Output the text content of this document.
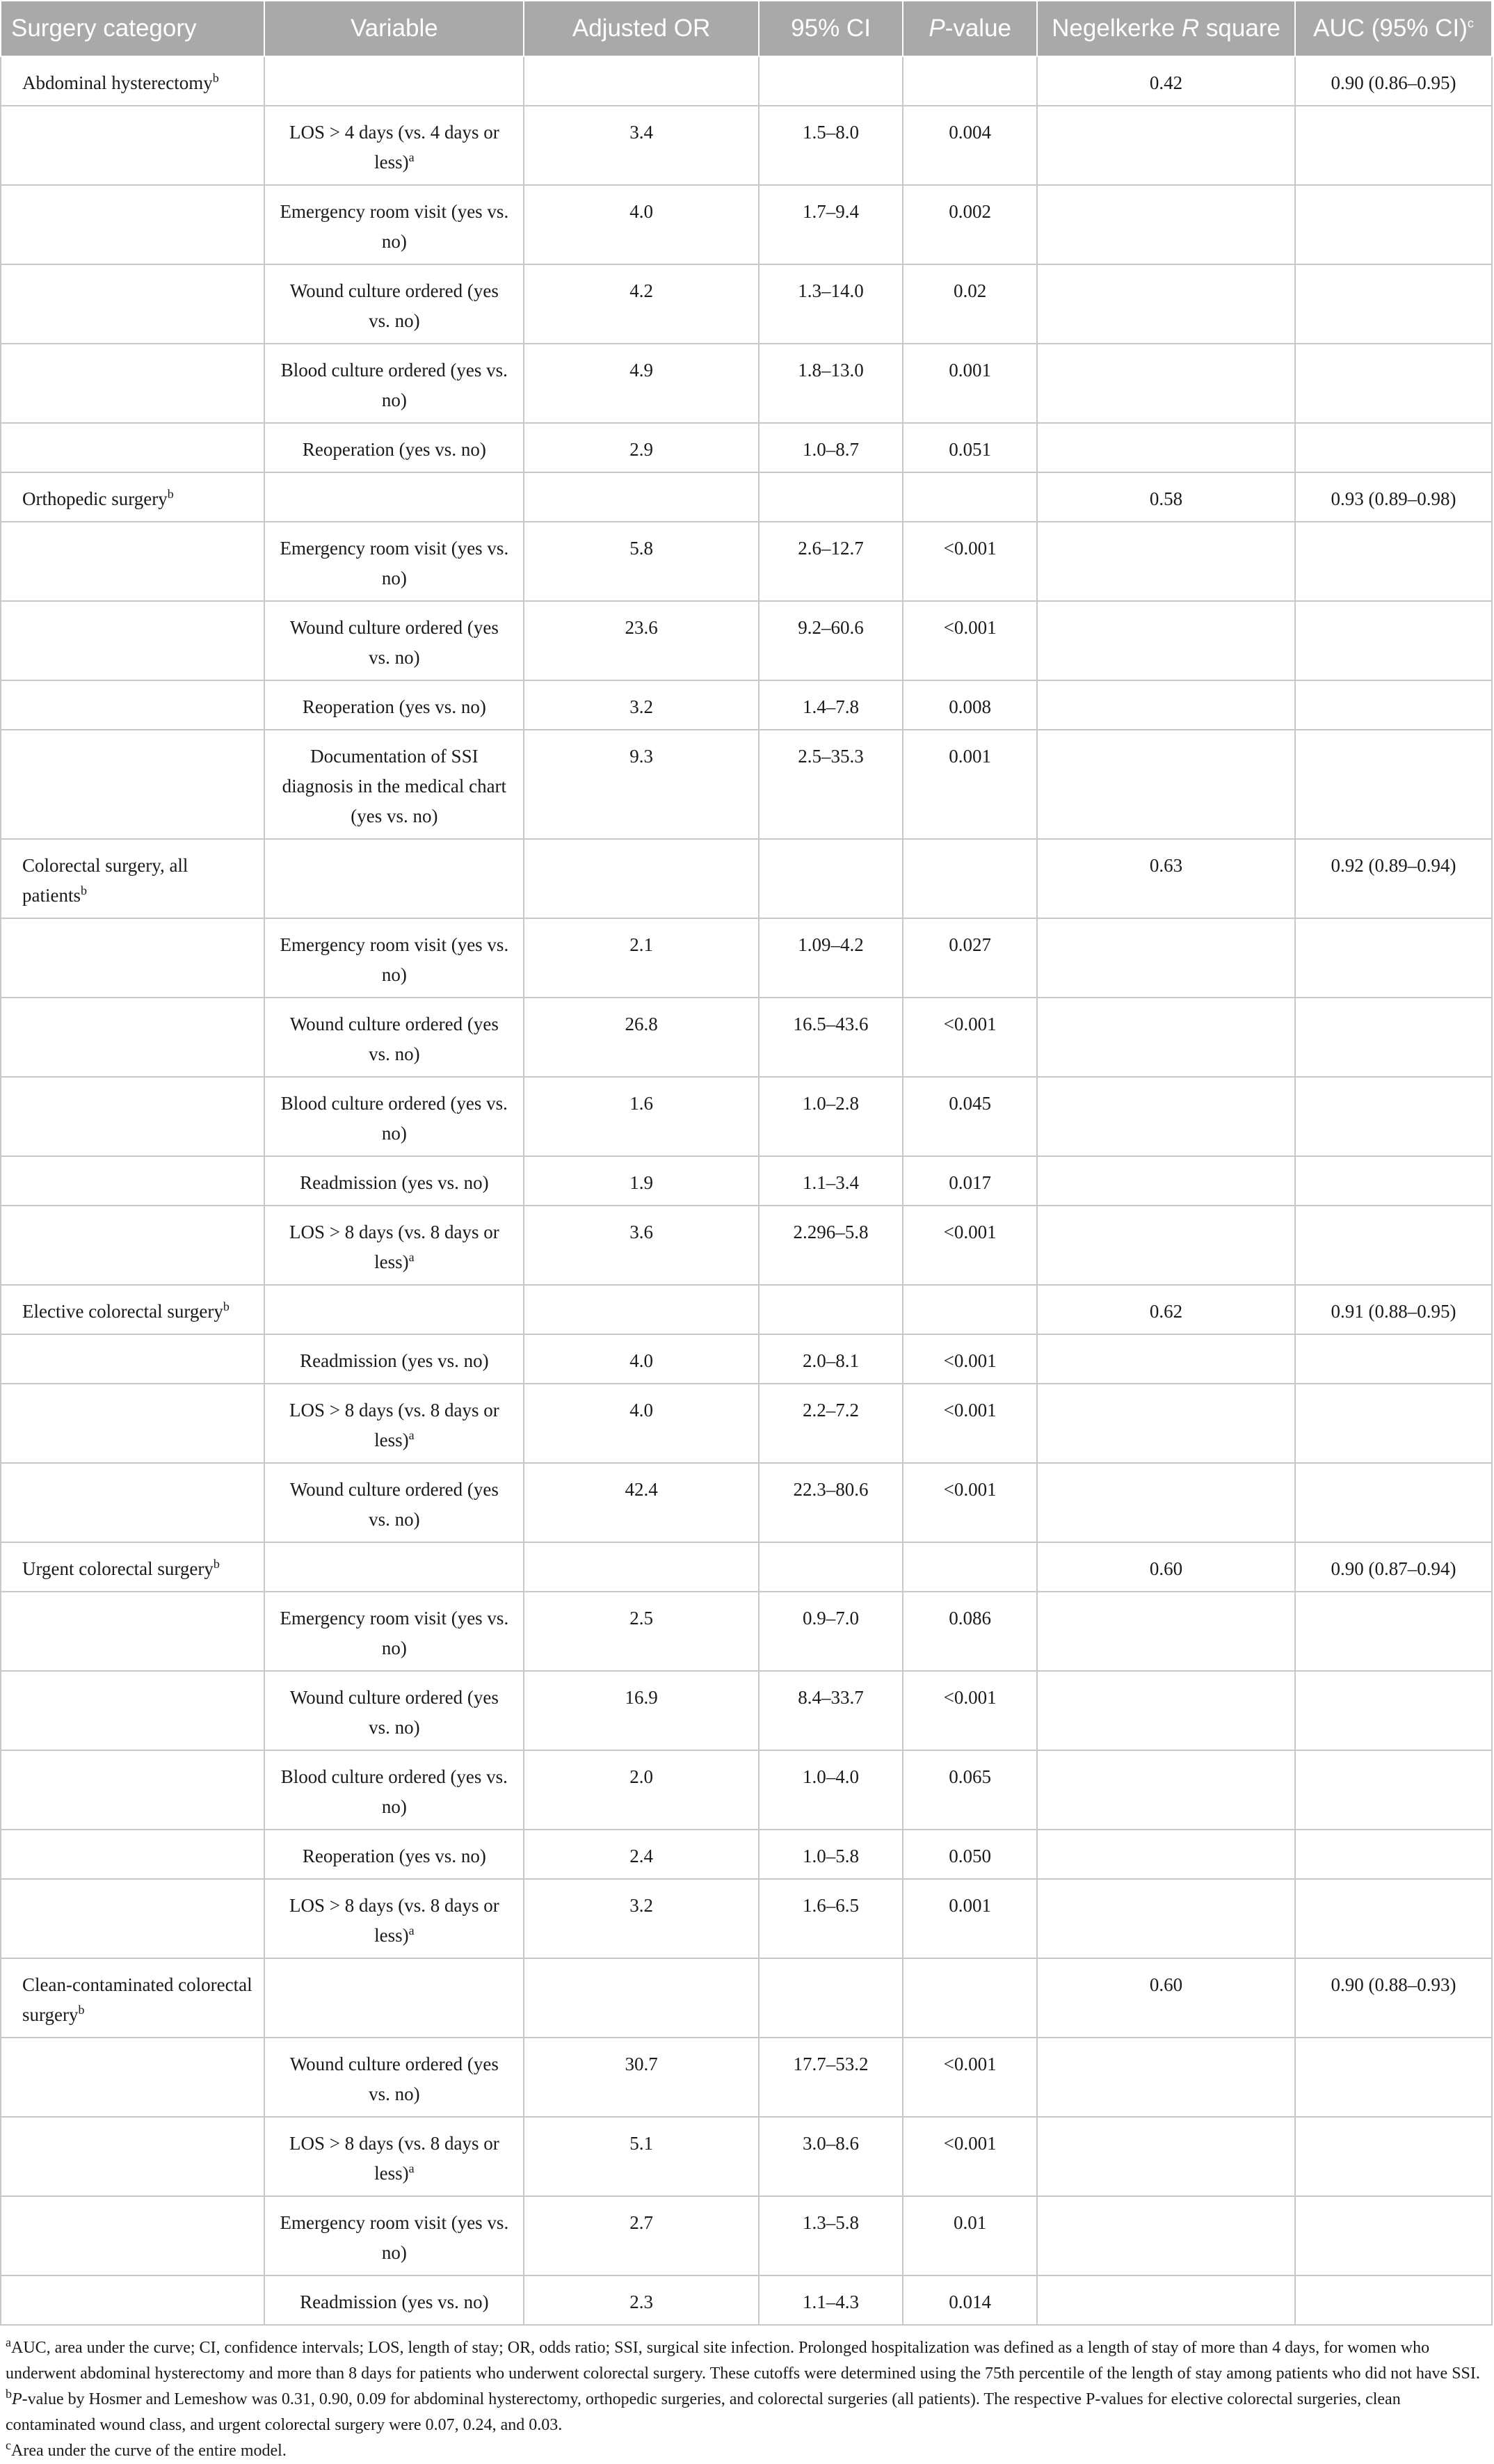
Surgery category	Variable	Adjusted OR	95% CI	P-value	Negelkerke R square	AUC (95% CI)$^c$
Abdominal hysterectomy$^b$					0.42	0.90 (0.86–0.95)
	LOS > 4 days (vs. 4 days or less)$^a$	3.4	1.5–8.0	0.004		
	Emergency room visit (yes vs. no)	4.0	1.7–9.4	0.002		
	Wound culture ordered (yes vs. no)	4.2	1.3–14.0	0.02		
	Blood culture ordered (yes vs. no)	4.9	1.8–13.0	0.001		
	Reoperation (yes vs. no)	2.9	1.0–8.7	0.051		
Orthopedic surgery$^b$					0.58	0.93 (0.89–0.98)
	Emergency room visit (yes vs. no)	5.8	2.6–12.7	<0.001		
	Wound culture ordered (yes vs. no)	23.6	9.2–60.6	<0.001		
	Reoperation (yes vs. no)	3.2	1.4–7.8	0.008		
	Documentation of SSI diagnosis in the medical chart (yes vs. no)	9.3	2.5–35.3	0.001		
Colorectal surgery, all patients$^b$					0.63	0.92 (0.89–0.94)
	Emergency room visit (yes vs. no)	2.1	1.09–4.2	0.027		
	Wound culture ordered (yes vs. no)	26.8	16.5–43.6	<0.001		
	Blood culture ordered (yes vs. no)	1.6	1.0–2.8	0.045		
	Readmission (yes vs. no)	1.9	1.1–3.4	0.017		
	LOS > 8 days (vs. 8 days or less)$^a$	3.6	2.296–5.8	<0.001		
Elective colorectal surgery$^b$					0.62	0.91 (0.88–0.95)
	Readmission (yes vs. no)	4.0	2.0–8.1	<0.001		
	LOS > 8 days (vs. 8 days or less)$^a$	4.0	2.2–7.2	<0.001		
	Wound culture ordered (yes vs. no)	42.4	22.3–80.6	<0.001		
Urgent colorectal surgery$^b$					0.60	0.90 (0.87–0.94)
	Emergency room visit (yes vs. no)	2.5	0.9–7.0	0.086		
	Wound culture ordered (yes vs. no)	16.9	8.4–33.7	<0.001		
	Blood culture ordered (yes vs. no)	2.0	1.0–4.0	0.065		
	Reoperation (yes vs. no)	2.4	1.0–5.8	0.050		
	LOS > 8 days (vs. 8 days or less)$^a$	3.2	1.6–6.5	0.001		
Clean-contaminated colorectal surgery$^b$					0.60	0.90 (0.88–0.93)
	Wound culture ordered (yes vs. no)	30.7	17.7–53.2	<0.001		
	LOS > 8 days (vs. 8 days or less)$^a$	5.1	3.0–8.6	<0.001		
	Emergency room visit (yes vs. no)	2.7	1.3–5.8	0.01		
	Readmission (yes vs. no)	2.3	1.1–4.3	0.014		

$^a$AUC, area under the curve; CI, confidence intervals; LOS, length of stay; OR, odds ratio; SSI, surgical site infection. Prolonged hospitalization was defined as a length of stay of more than 4 days, for women who underwent abdominal hysterectomy and more than 8 days for patients who underwent colorectal surgery. These cutoffs were determined using the 75th percentile of the length of stay among patients who did not have SSI.

$^b$P-value by Hosmer and Lemeshow was 0.31, 0.90, 0.09 for abdominal hysterectomy, orthopedic surgeries, and colorectal surgeries (all patients). The respective P-values for elective colorectal surgeries, clean contaminated wound class, and urgent colorectal surgery were 0.07, 0.24, and 0.03.

$^c$Area under the curve of the entire model.
